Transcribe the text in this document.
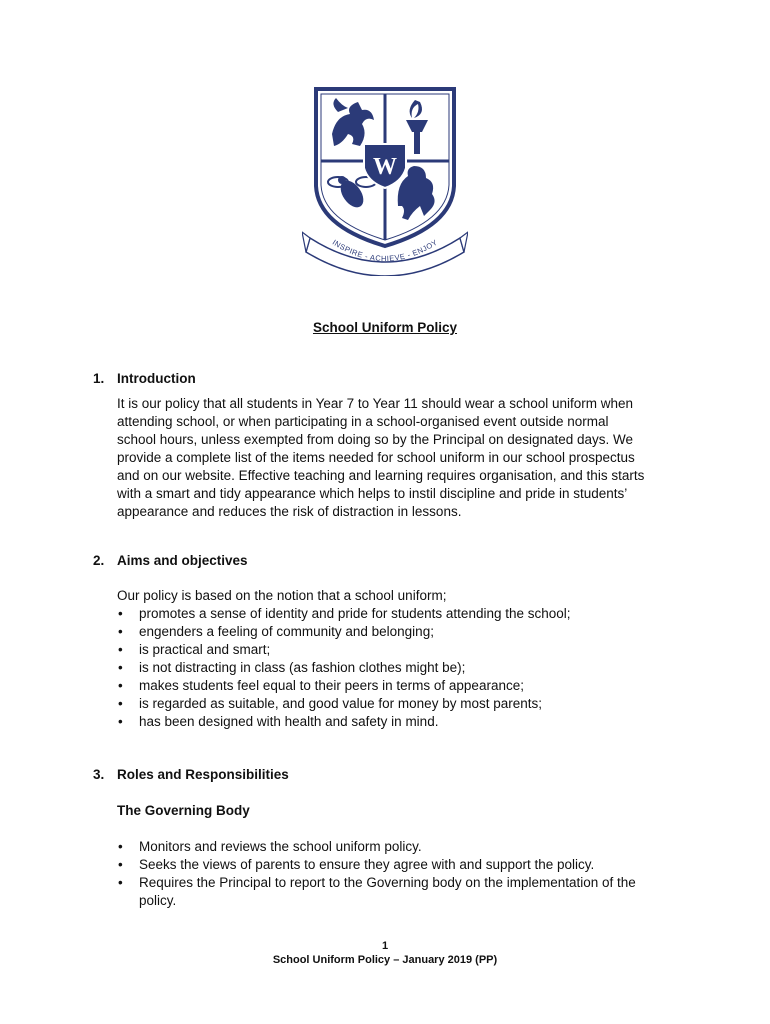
W
INSPIRE - ACHIEVE - ENJOY
School Uniform Policy
1. Introduction
It is our policy that all students in Year 7 to Year 11 should wear a school uniform when
attending school, or when participating in a school-organised event outside normal
school hours, unless exempted from doing so by the Principal on designated days. We
provide a complete list of the items needed for school uniform in our school prospectus
and on our website. Effective teaching and learning requires organisation, and this starts
with a smart and tidy appearance which helps to instil discipline and pride in students’
appearance and reduces the risk of distraction in lessons.
2. Aims and objectives
Our policy is based on the notion that a school uniform;
• promotes a sense of identity and pride for students attending the school;
• engenders a feeling of community and belonging;
• is practical and smart;
• is not distracting in class (as fashion clothes might be);
• makes students feel equal to their peers in terms of appearance;
• is regarded as suitable, and good value for money by most parents;
• has been designed with health and safety in mind.
3. Roles and Responsibilities
The Governing Body
• Monitors and reviews the school uniform policy.
• Seeks the views of parents to ensure they agree with and support the policy.
• Requires the Principal to report to the Governing body on the implementation of the
policy.
1
School Uniform Policy – January 2019 (PP)
